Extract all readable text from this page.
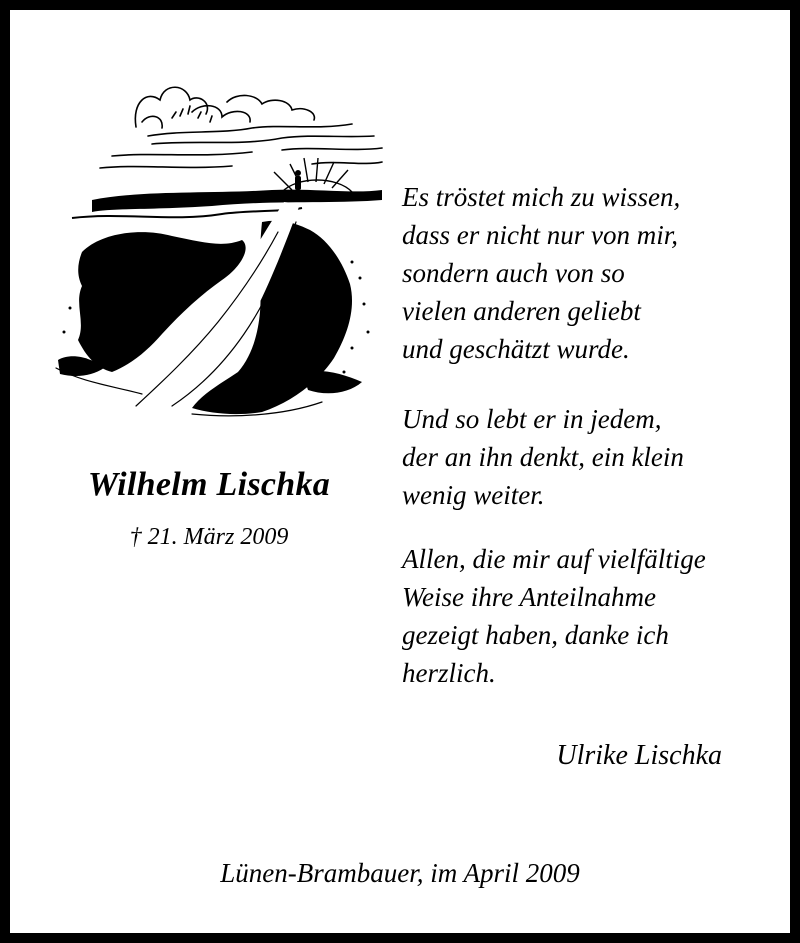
Wilhelm Lischka
† 21. März 2009

Es tröstet mich zu wissen,
dass er nicht nur von mir,
sondern auch von so
vielen anderen geliebt
und geschätzt wurde.

Und so lebt er in jedem,
der an ihn denkt, ein klein
wenig weiter.

Allen, die mir auf vielfältige
Weise ihre Anteilnahme
gezeigt haben, danke ich
herzlich.

Ulrike Lischka
Lünen-Brambauer, im April 2009
